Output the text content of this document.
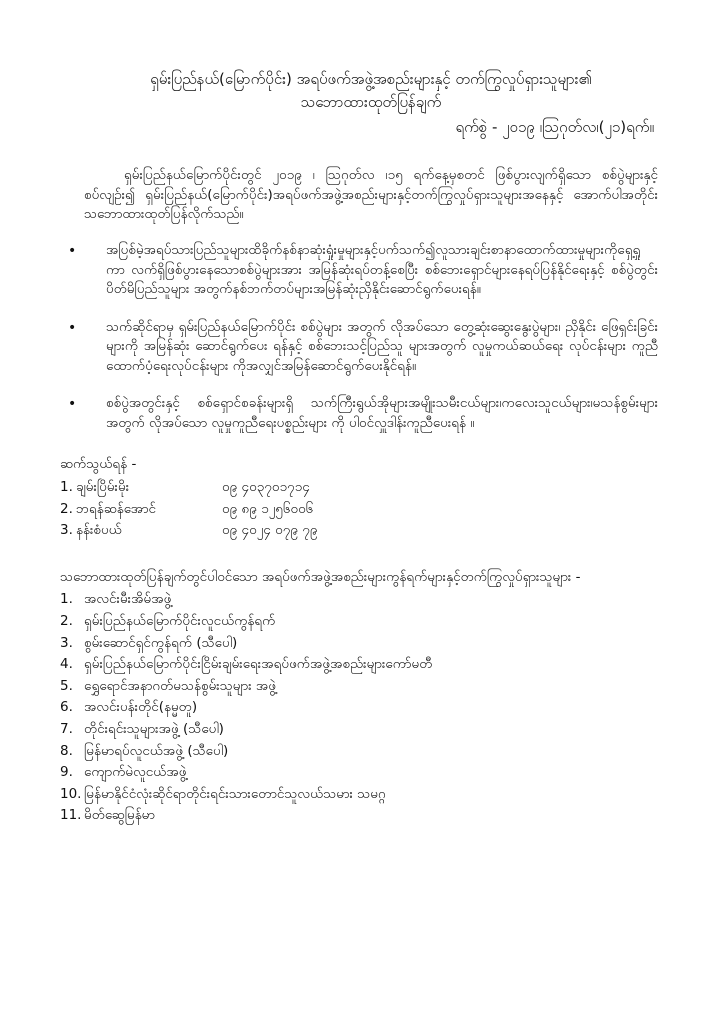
ရှမ်းပြည်နယ်(မြောက်ပိုင်း) အရပ်ဖက်အဖွဲ့အစည်းများနှင့် တက်ကြွလှုပ်ရှားသူများ၏
သဘောထားထုတ်ပြန်ချက်
ရက်စွဲ - ၂၀၁၉ ၊ဩဂုတ်လ၊(၂၁)ရက်။

ရှမ်းပြည်နယ်မြောက်ပိုင်းတွင် ၂၀၁၉ ၊ ဩဂုတ်လ ၊၁၅ ရက်နေ့မှစတင် ဖြစ်ပွားလျက်ရှိသော စစ်ပွဲများနှင့် စပ်လျဉ်း၍ ရှမ်းပြည်နယ်(မြောက်ပိုင်း)အရပ်ဖက်အဖွဲ့အစည်းများနှင့်တက်ကြွလှုပ်ရှားသူများအနေနှင့် အောက်ပါအတိုင်း သဘောထားထုတ်ပြန်လိုက်သည်။

• အပြစ်မဲ့အရပ်သားပြည်သူများထိခိုက်နစ်နာဆုံးရှုံးမှုများနှင့်ပက်သက်၍လူသားချင်းစာနာထောက်ထားမှုများကိုရှေ့ရှုကာ လက်ရှိဖြစ်ပွားနေသောစစ်ပွဲများအား အမြန်ဆုံးရပ်တန့်စေပြီး စစ်ဘေးရှောင်များနေရပ်ပြန်နိုင်ရေးနှင့် စစ်ပွဲတွင်းပိတ်မိပြည်သူများ အတွက်နစ်ဘက်တပ်များအမြန်ဆုံးညှိနိုင်းဆောင်ရွက်ပေးရန်။
• သက်ဆိုင်ရာမှ ရှမ်းပြည်နယ်မြောက်ပိုင်း စစ်ပွဲများ အတွက် လိုအပ်သော တွေ့ဆုံးဆွေးနွေးပွဲများ၊ ညှိနိုင်း ဖြေရှင်းခြင်းများကို အမြန်ဆုံး ဆောင်ရွက်ပေး ရန်နှင့် စစ်ဘေးသင့်ပြည်သူ များအတွက် လူမှုကယ်ဆယ်ရေး လုပ်ငန်းများ ကူညီထောက်ပံ့ရေးလုပ်ငန်းများ ကိုအလျှင်အမြန်ဆောင်ရွက်ပေးနိုင်ရန်။
• စစ်ပွဲအတွင်းနှင့် စစ်ရှောင်စခန်းများရှိ သက်ကြီးရွယ်အိုများအမျိုးသမီးငယ်များ၊ကလေးသူငယ်များ၊မသန်စွမ်းများ အတွက် လိုအပ်သော လူမှုကူညီရေးပစ္စည်းများ ကို ပါဝင်လှူဒါန်းကူညီပေးရန် ။
ဆက်သွယ်ရန် -
1. ချမ်းပြိမ်းမိုး	၀၉ ၄၀၃၇၀၁၇၁၄
2. ဘရန်ဆန်အောင်	၀၉ ၈၉ ၁၂၅၆၀၀၆
3. နန်းစံပယ်	၀၉ ၄၀၂၄ ၀၇၉ ၇၉
သဘောထားထုတ်ပြန်ချက်တွင်ပါဝင်သော အရပ်ဖက်အဖွဲ့အစည်းများကွန်ရက်များနှင့်တက်ကြွလှုပ်ရှားသူများ -
1. အလင်းမီးအိမ်အဖွဲ့
2. ရှမ်းပြည်နယ်မြောက်ပိုင်းလူငယ်ကွန်ရက်
3. စွမ်းဆောင်ရှင်ကွန်ရက် (သီပေါ)
4. ရှမ်းပြည်နယ်မြောက်ပိုင်းငြိမ်းချမ်းရေးအရပ်ဖက်အဖွဲ့အစည်းများကော်မတီ
5. ရွှေရောင်အနာဂတ်မသန်စွမ်းသူများ အဖွဲ့
6. အလင်းပန်းတိုင်(နမ္မတူ)
7. တိုင်းရင်းသူများအဖွဲ့ (သီပေါ)
8. မြန်မာရပ်လူငယ်အဖွဲ့ (သီပေါ)
9. ကျောက်မဲလူငယ်အဖွဲ့
10. မြန်မာနိုင်ငံလုံးဆိုင်ရာတိုင်းရင်းသားတောင်သူလယ်သမား သမဂ္ဂ
11. မိတ်ဆွေမြန်မာ
